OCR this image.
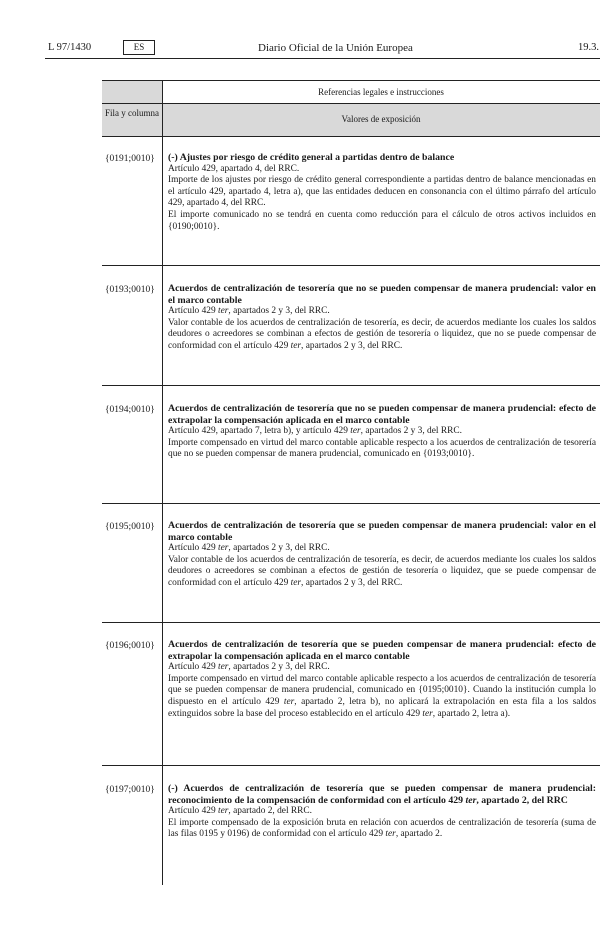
L 97/1430	ES	Diario Oficial de la Unión Europea	19.3.
Referencias legales e instrucciones
Fila y columna
Valores de exposición
{0191;0010} (-) Ajustes por riesgo de crédito general a partidas dentro de balance

Artículo 429, apartado 4, del RRC.

Importe de los ajustes por riesgo de crédito general correspondiente a partidas dentro de balance mencionadas en el artículo 429, apartado 4, letra a), que las entidades deducen en consonancia con el último párrafo del artículo 429, apartado 4, del RRC.

El importe comunicado no se tendrá en cuenta como reducción para el cálculo de otros activos incluidos en {0190;0010}.

{0193;0010} Acuerdos de centralización de tesorería que no se pueden compensar de manera prudencial: valor en el marco contable

Artículo 429 ter, apartados 2 y 3, del RRC.

Valor contable de los acuerdos de centralización de tesorería, es decir, de acuerdos mediante los cuales los saldos deudores o acreedores se combinan a efectos de gestión de tesorería o liquidez, que no se puede compensar de conformidad con el artículo 429 ter, apartados 2 y 3, del RRC.

{0194;0010} Acuerdos de centralización de tesorería que no se pueden compensar de manera prudencial: efecto de extrapolar la compensación aplicada en el marco contable

Artículo 429, apartado 7, letra b), y artículo 429 ter, apartados 2 y 3, del RRC.

Importe compensado en virtud del marco contable aplicable respecto a los acuerdos de centralización de tesorería que no se pueden compensar de manera prudencial, comunicado en {0193;0010}.

{0195;0010} Acuerdos de centralización de tesorería que se pueden compensar de manera prudencial: valor en el marco contable

Artículo 429 ter, apartados 2 y 3, del RRC.

Valor contable de los acuerdos de centralización de tesorería, es decir, de acuerdos mediante los cuales los saldos deudores o acreedores se combinan a efectos de gestión de tesorería o liquidez, que se puede compensar de conformidad con el artículo 429 ter, apartados 2 y 3, del RRC.

{0196;0010} Acuerdos de centralización de tesorería que se pueden compensar de manera prudencial: efecto de extrapolar la compensación aplicada en el marco contable

Artículo 429 ter, apartados 2 y 3, del RRC.

Importe compensado en virtud del marco contable aplicable respecto a los acuerdos de centralización de tesorería que se pueden compensar de manera prudencial, comunicado en {0195;0010}. Cuando la institución cumpla lo dispuesto en el artículo 429 ter, apartado 2, letra b), no aplicará la extrapolación en esta fila a los saldos extinguidos sobre la base del proceso establecido en el artículo 429 ter, apartado 2, letra a).

{0197;0010} (-) Acuerdos de centralización de tesorería que se pueden compensar de manera prudencial: reconocimiento de la compensación de conformidad con el artículo 429 ter, apartado 2, del RRC

Artículo 429 ter, apartado 2, del RRC.

El importe compensado de la exposición bruta en relación con acuerdos de centralización de tesorería (suma de las filas 0195 y 0196) de conformidad con el artículo 429 ter, apartado 2.
